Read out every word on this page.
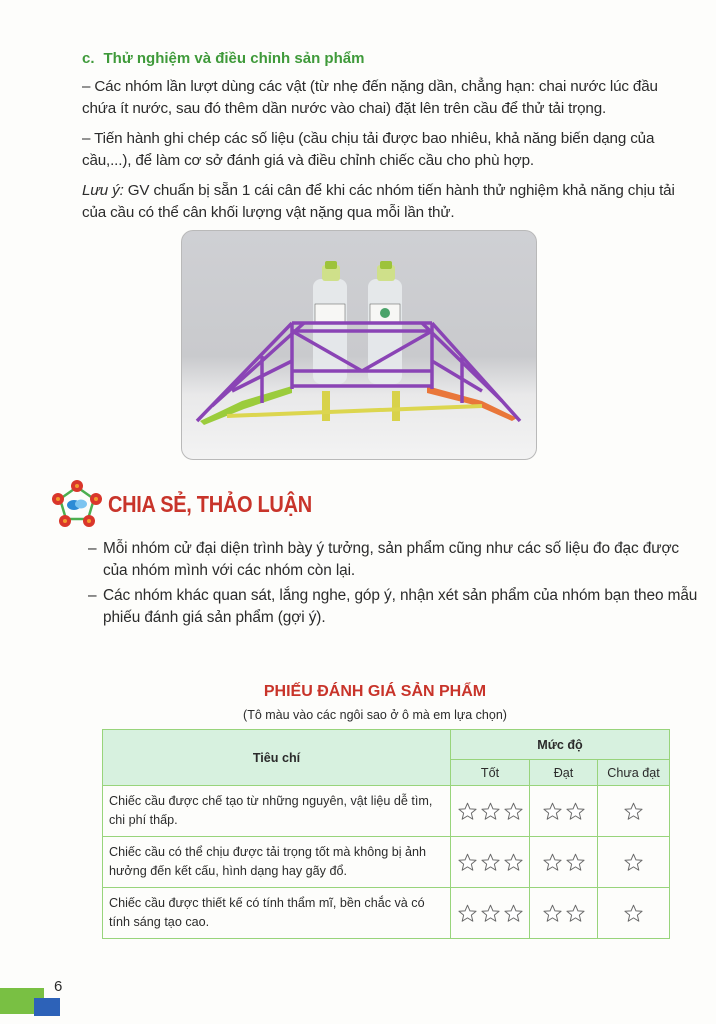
c. Thử nghiệm và điều chỉnh sản phẩm
– Các nhóm lần lượt dùng các vật (từ nhẹ đến nặng dần, chẳng hạn: chai nước lúc đầu chứa ít nước, sau đó thêm dần nước vào chai) đặt lên trên cầu để thử tải trọng.
– Tiến hành ghi chép các số liệu (cầu chịu tải được bao nhiêu, khả năng biến dạng của cầu,...), để làm cơ sở đánh giá và điều chỉnh chiếc cầu cho phù hợp.
Lưu ý: GV chuẩn bị sẵn 1 cái cân để khi các nhóm tiến hành thử nghiệm khả năng chịu tải của cầu có thể cân khối lượng vật nặng qua mỗi lần thử.
CHIA SẺ, THẢO LUẬN
– Mỗi nhóm cử đại diện trình bày ý tưởng, sản phẩm cũng như các số liệu đo đạc được của nhóm mình với các nhóm còn lại.
– Các nhóm khác quan sát, lắng nghe, góp ý, nhận xét sản phẩm của nhóm bạn theo mẫu phiếu đánh giá sản phẩm (gợi ý).
PHIẾU ĐÁNH GIÁ SẢN PHẨM
(Tô màu vào các ngôi sao ở ô mà em lựa chọn)
Tiêu chí	Mức độ		
	Tốt	Đạt	Chưa đạt
Chiếc cầu được chế tạo từ những nguyên, vật liệu dễ tìm, chi phí thấp.	

Chiếc cầu có thể chịu được tải trọng tốt mà không bị ảnh hưởng đến kết cấu, hình dạng hay gãy đổ.	

Chiếc cầu được thiết kế có tính thẩm mĩ, bền chắc và có tính sáng tạo cao.	

6
